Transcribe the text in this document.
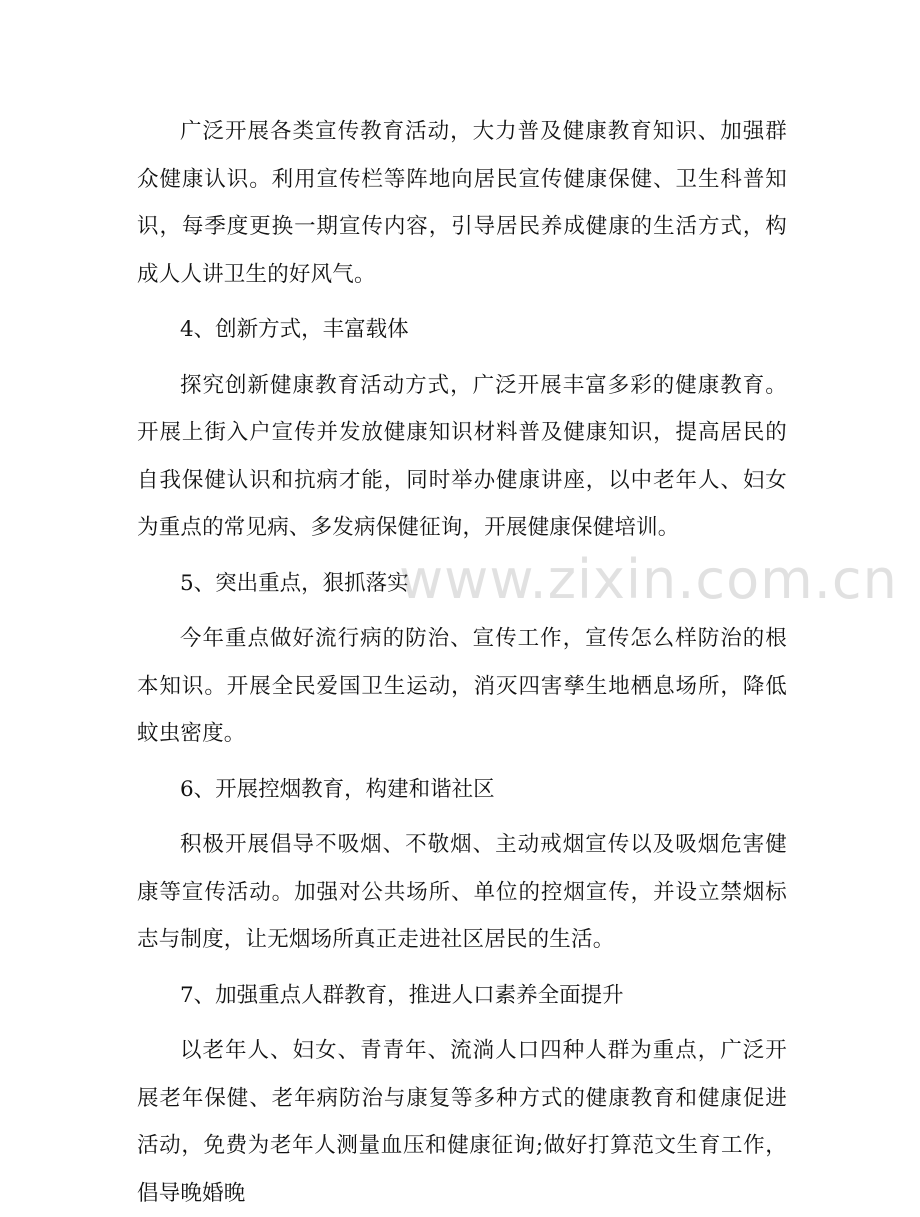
广泛开展各类宣传教育活动，大力普及健康教育知识、加强群众健康认识。利用宣传栏等阵地向居民宣传健康保健、卫生科普知识，每季度更换一期宣传内容，引导居民养成健康的生活方式，构成人人讲卫生的好风气。

4、创新方式，丰富载体

探究创新健康教育活动方式，广泛开展丰富多彩的健康教育。开展上街入户宣传并发放健康知识材料普及健康知识，提高居民的自我保健认识和抗病才能，同时举办健康讲座，以中老年人、妇女为重点的常见病、多发病保健征询，开展健康保健培训。

5、突出重点，狠抓落实

今年重点做好流行病的防治、宣传工作，宣传怎么样防治的根本知识。开展全民爱国卫生运动，消灭四害孳生地栖息场所，降低蚊虫密度。

6、开展控烟教育，构建和谐社区

积极开展倡导不吸烟、不敬烟、主动戒烟宣传以及吸烟危害健康等宣传活动。加强对公共场所、单位的控烟宣传，并设立禁烟标志与制度，让无烟场所真正走进社区居民的生活。

7、加强重点人群教育，推进人口素养全面提升

以老年人、妇女、青青年、流淌人口四种人群为重点，广泛开展老年保健、老年病防治与康复等多种方式的健康教育和健康促进活动，免费为老年人测量血压和健康征询;做好打算范文生育工作，倡导晚婚晚

www.zixin.com.cn
